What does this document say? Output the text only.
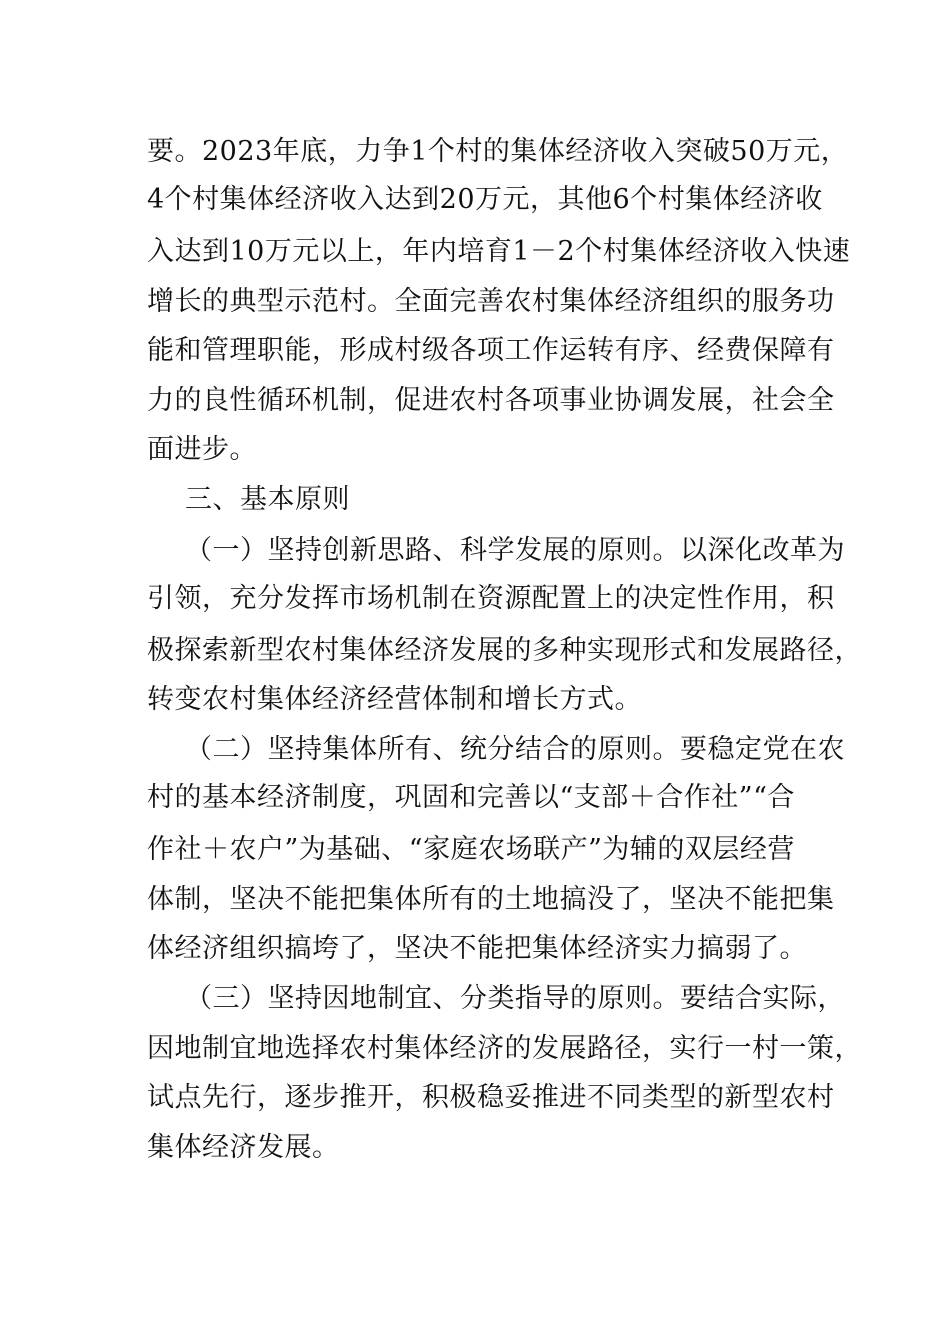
要。2023年底，力争1个村的集体经济收入突破50万元，
4个村集体经济收入达到20万元，其他6个村集体经济收
入达到10万元以上，年内培育1－2个村集体经济收入快速
增长的典型示范村。全面完善农村集体经济组织的服务功
能和管理职能，形成村级各项工作运转有序、经费保障有
力的良性循环机制，促进农村各项事业协调发展，社会全
面进步。
三、基本原则
（一）坚持创新思路、科学发展的原则。以深化改革为
引领，充分发挥市场机制在资源配置上的决定性作用，积
极探索新型农村集体经济发展的多种实现形式和发展路径，
转变农村集体经济经营体制和增长方式。
（二）坚持集体所有、统分结合的原则。要稳定党在农
村的基本经济制度，巩固和完善以“支部＋合作社”“合
作社＋农户”为基础、“家庭农场联产”为辅的双层经营
体制，坚决不能把集体所有的土地搞没了，坚决不能把集
体经济组织搞垮了，坚决不能把集体经济实力搞弱了。
（三）坚持因地制宜、分类指导的原则。要结合实际，
因地制宜地选择农村集体经济的发展路径，实行一村一策，
试点先行，逐步推开，积极稳妥推进不同类型的新型农村
集体经济发展。
